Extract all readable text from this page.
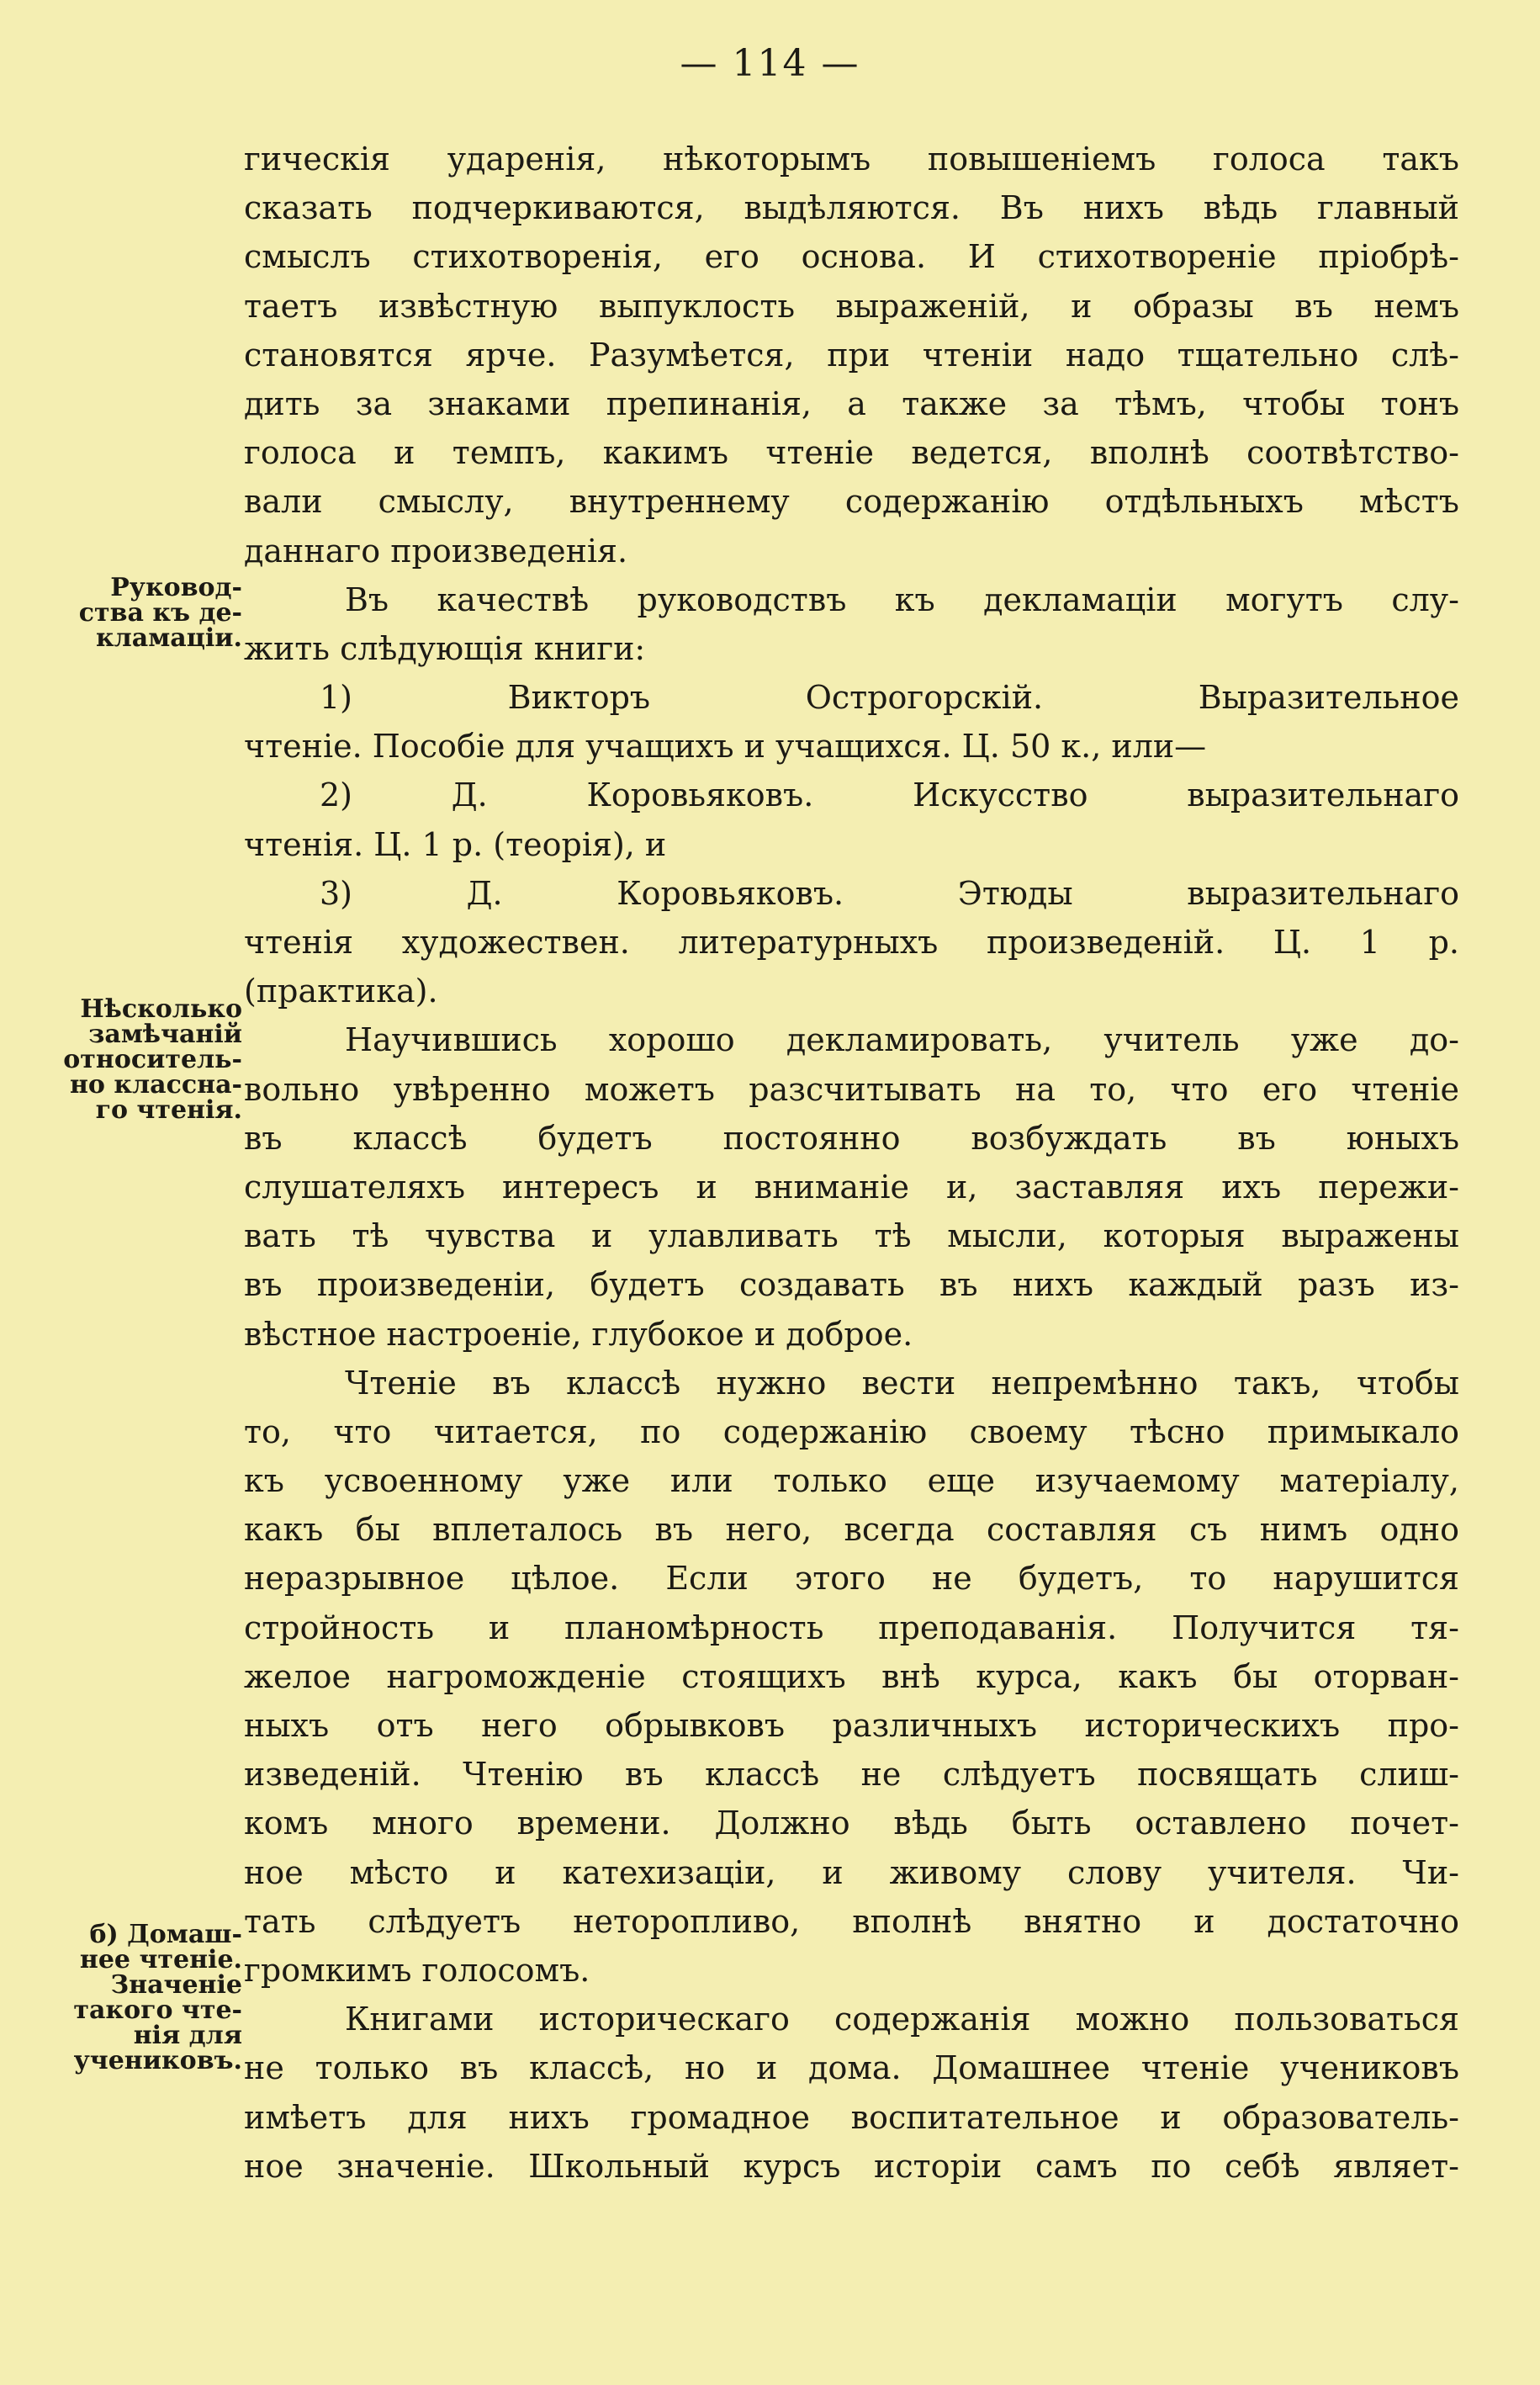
— 114 —
гическія ударенія, нѣкоторымъ повышеніемъ голоса такъ
сказать подчеркиваются, выдѣляются. Въ нихъ вѣдь главный
смыслъ стихотворенія, его основа. И стихотвореніе пріобрѣ-
таетъ извѣстную выпуклость выраженій, и образы въ немъ
становятся ярче. Разумѣется, при чтеніи надо тщательно слѣ-
дить за знаками препинанія, а также за тѣмъ, чтобы тонъ
голоса и темпъ, какимъ чтеніе ведется, вполнѣ соотвѣтство-
вали смыслу, внутреннему содержанію отдѣльныхъ мѣстъ
даннаго произведенія.
Въ качествѣ руководствъ къ декламаціи могутъ слу-
жить слѣдующія книги:
1) Викторъ Острогорскій. Выразительное
чтеніе. Пособіе для учащихъ и учащихся. Ц. 50 к., или—
2) Д. Коровьяковъ. Искусство выразительнаго
чтенія. Ц. 1 р. (теорія), и
3) Д. Коровьяковъ. Этюды выразительнаго
чтенія художествен. литературныхъ произведеній. Ц. 1 р.
(практика).
Научившись хорошо декламировать, учитель уже до-
вольно увѣренно можетъ разсчитывать на то, что его чтеніе
въ классѣ будетъ постоянно возбуждать въ юныхъ
слушателяхъ интересъ и вниманіе и, заставляя ихъ пережи-
вать тѣ чувства и улавливать тѣ мысли, которыя выражены
въ произведеніи, будетъ создавать въ нихъ каждый разъ из-
вѣстное настроеніе, глубокое и доброе.
Чтеніе въ классѣ нужно вести непремѣнно такъ, чтобы
то, что читается, по содержанію своему тѣсно примыкало
къ усвоенному уже или только еще изучаемому матеріалу,
какъ бы вплеталось въ него, всегда составляя съ нимъ одно
неразрывное цѣлое. Если этого не будетъ, то нарушится
стройность и планомѣрность преподаванія. Получится тя-
желое нагроможденіе стоящихъ внѣ курса, какъ бы оторван-
ныхъ отъ него обрывковъ различныхъ историческихъ про-
изведеній. Чтенію въ классѣ не слѣдуетъ посвящать слиш-
комъ много времени. Должно вѣдь быть оставлено почет-
ное мѣсто и катехизаціи, и живому слову учителя. Чи-
тать слѣдуетъ неторопливо, вполнѣ внятно и достаточно
громкимъ голосомъ.
Книгами историческаго содержанія можно пользоваться
не только въ классѣ, но и дома. Домашнее чтеніе учениковъ
имѣетъ для нихъ громадное воспитательное и образователь-
ное значеніе. Школьный курсъ исторіи самъ по себѣ являет-
Руковод-
ства къ де-
кламаціи.
Нѣсколько
замѣчаній
относитель-
но классна-
го чтенія.
б) Домаш-
нее чтеніе.
Значеніе
такого чте-
нія для
учениковъ.
